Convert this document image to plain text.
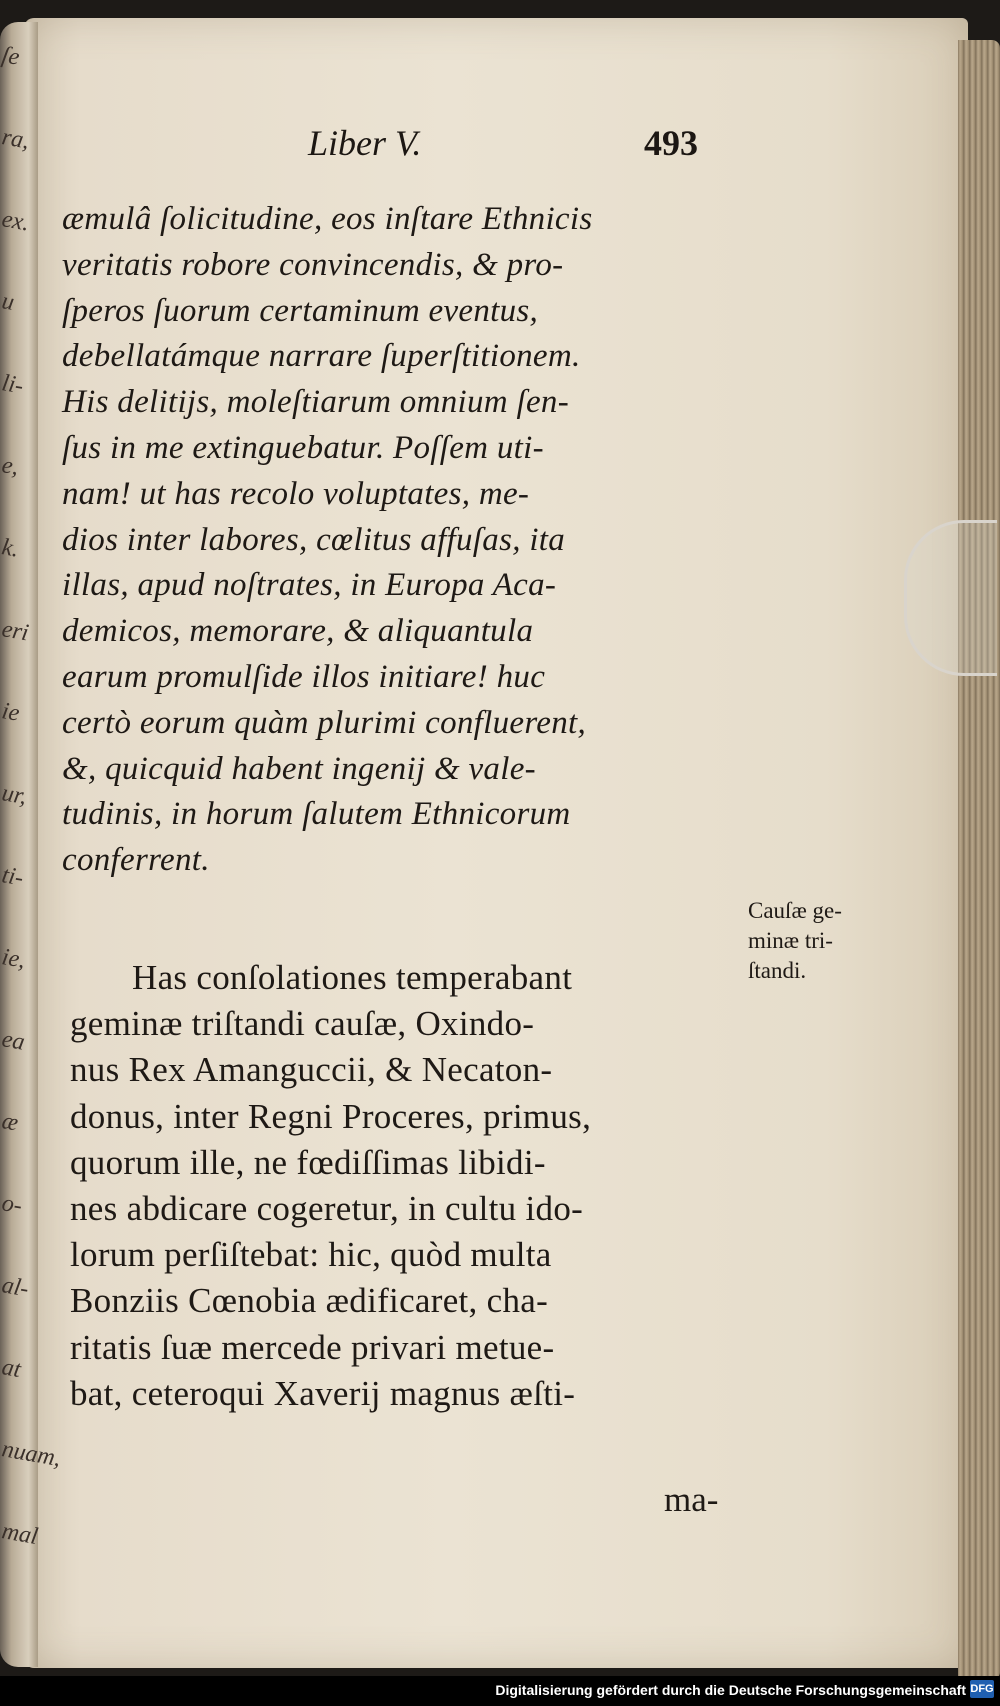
ſe
ra,
ex.
u
li-
e,
k.
eri
ie
ur,
ti-
ie,
ea
æ
o-
al-
at
nuam,
mal
Liber V.	493
æmulâ ſolicitudine, eos inſtare Ethnicis
veritatis robore convincendis, & pro-
ſperos ſuorum certaminum eventus,
debellatámque narrare ſuperſtitionem.
His delitijs, moleſtiarum omnium ſen-
ſus in me extinguebatur. Poſſem uti-
nam! ut has recolo voluptates, me-
dios inter labores, cœlitus affuſas, ita
illas, apud noſtrates, in Europa Aca-
demicos, memorare, & aliquantula
earum promulſide illos initiare! huc
certò eorum quàm plurimi confluerent,
&, quicquid habent ingenij & vale-
tudinis, in horum ſalutem Ethnicorum
conferrent.
Has conſolationes temperabant
geminæ triſtandi cauſæ, Oxindo-
nus Rex Amanguccii, & Necaton-
donus, inter Regni Proceres, primus,
quorum ille, ne fœdiſſimas libidi-
nes abdicare cogeretur, in cultu ido-
lorum perſiſtebat: hic, quòd multa
Bonziis Cœnobia ædificaret, cha-
ritatis ſuæ mercede privari metue-
bat, ceteroqui Xaverij magnus æſti-
Cauſæ ge-
minæ tri-
ſtandi.
ma-
Digitalisierung gefördert durch die Deutsche Forschungsgemeinschaft DFG
